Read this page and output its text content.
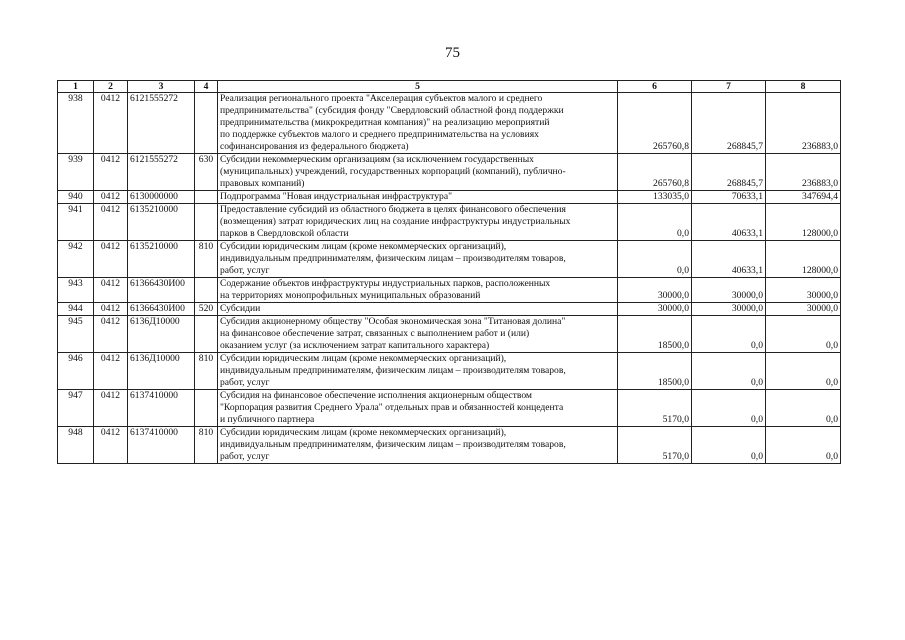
75
1	2	3	4	5	6	7	8
938	0412	6121555272		Реализация регионального проекта "Акселерация субъектов малого и среднего
предпринимательства" (субсидия фонду "Свердловский областной фонд поддержки
предпринимательства (микрокредитная компания)" на реализацию мероприятий
по поддержке субъектов малого и среднего предпринимательства на условиях
софинансирования из федерального бюджета)	265760,8	268845,7	236883,0
939	0412	6121555272	630	Субсидии некоммерческим организациям (за исключением государственных
(муниципальных) учреждений, государственных корпораций (компаний), публично-
правовых компаний)	265760,8	268845,7	236883,0
940	0412	6130000000		Подпрограмма "Новая индустриальная инфраструктура"	133035,0	70633,1	347694,4
941	0412	6135210000		Предоставление субсидий из областного бюджета в целях финансового обеспечения
(возмещения) затрат юридических лиц на создание инфраструктуры индустриальных
парков в Свердловской области	0,0	40633,1	128000,0
942	0412	6135210000	810	Субсидии юридическим лицам (кроме некоммерческих организаций),
индивидуальным предпринимателям, физическим лицам – производителям товаров,
работ, услуг	0,0	40633,1	128000,0
943	0412	61366430И00		Содержание объектов инфраструктуры индустриальных парков, расположенных
на территориях монопрофильных муниципальных образований	30000,0	30000,0	30000,0
944	0412	61366430И00	520	Субсидии	30000,0	30000,0	30000,0
945	0412	6136Д10000		Субсидия акционерному обществу "Особая экономическая зона "Титановая долина"
на финансовое обеспечение затрат, связанных с выполнением работ и (или)
оказанием услуг (за исключением затрат капитального характера)	18500,0	0,0	0,0
946	0412	6136Д10000	810	Субсидии юридическим лицам (кроме некоммерческих организаций),
индивидуальным предпринимателям, физическим лицам – производителям товаров,
работ, услуг	18500,0	0,0	0,0
947	0412	6137410000		Субсидия на финансовое обеспечение исполнения акционерным обществом
"Корпорация развития Среднего Урала" отдельных прав и обязанностей концедента
и публичного партнера	5170,0	0,0	0,0
948	0412	6137410000	810	Субсидии юридическим лицам (кроме некоммерческих организаций),
индивидуальным предпринимателям, физическим лицам – производителям товаров,
работ, услуг	5170,0	0,0	0,0
